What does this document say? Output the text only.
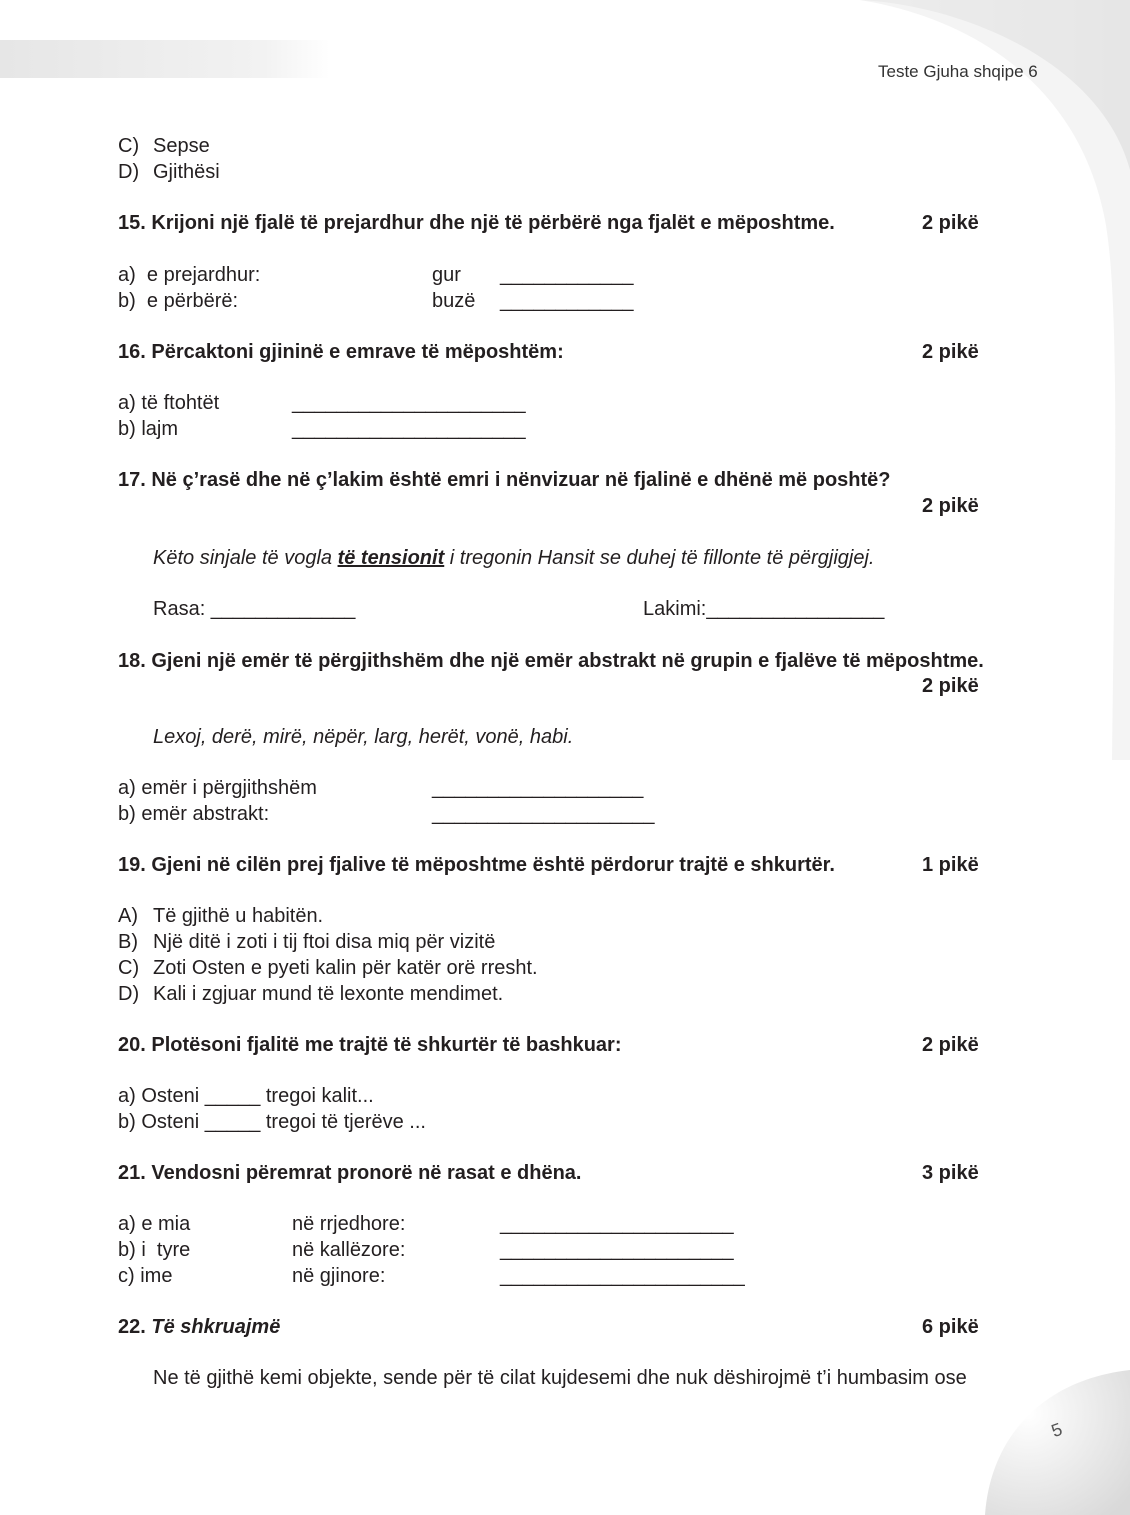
Teste Gjuha shqipe 6
C) Sepse
D) Gjithësi
15. Krijoni një fjalë të prejardhur dhe një të përbërë nga fjalët e mëposhtme.	2 pikë
a)  e prejardhur:	gur ____________
b)  e përbërë:	buzë ____________
16. Përcaktoni gjininë e emrave të mëposhtëm:	2 pikë
a) të ftohtët	_____________________
b) lajm	_____________________
17. Në ç’rasë dhe në ç’lakim është emri i nënvizuar në fjalinë e dhënë më poshtë?
2 pikë
Këto sinjale të vogla të tensionit i tregonin Hansit se duhej të fillonte të përgjigjej.
Rasa: _____________	Lakimi:________________
18. Gjeni një emër të përgjithshëm dhe një emër abstrakt në grupin e fjalëve të mëposhtme.
2 pikë
Lexoj, derë, mirë, nëpër, larg, herët, vonë, habi.
a) emër i përgjithshëm	___________________
b) emër abstrakt:	____________________
19. Gjeni në cilën prej fjalive të mëposhtme është përdorur trajtë e shkurtër.	1 pikë
A) Të gjithë u habitën.
B) Një ditë i zoti i tij ftoi disa miq për vizitë
C) Zoti Osten e pyeti kalin për katër orë rresht.
D) Kali i zgjuar mund të lexonte mendimet.
20. Plotësoni fjalitë me trajtë të shkurtër të bashkuar:	2 pikë
a) Osteni _____ tregoi kalit...
b) Osteni _____ tregoi të tjerëve ...
21. Vendosni përemrat pronorë në rasat e dhëna.	3 pikë
a) e mia	në rrjedhore:	_____________________
b) i  tyre	në kallëzore:	_____________________
c) ime	në gjinore:	______________________
22. Të shkruajmë	6 pikë
Ne të gjithë kemi objekte, sende për të cilat kujdesemi dhe nuk dëshirojmë t’i humbasim ose
5
